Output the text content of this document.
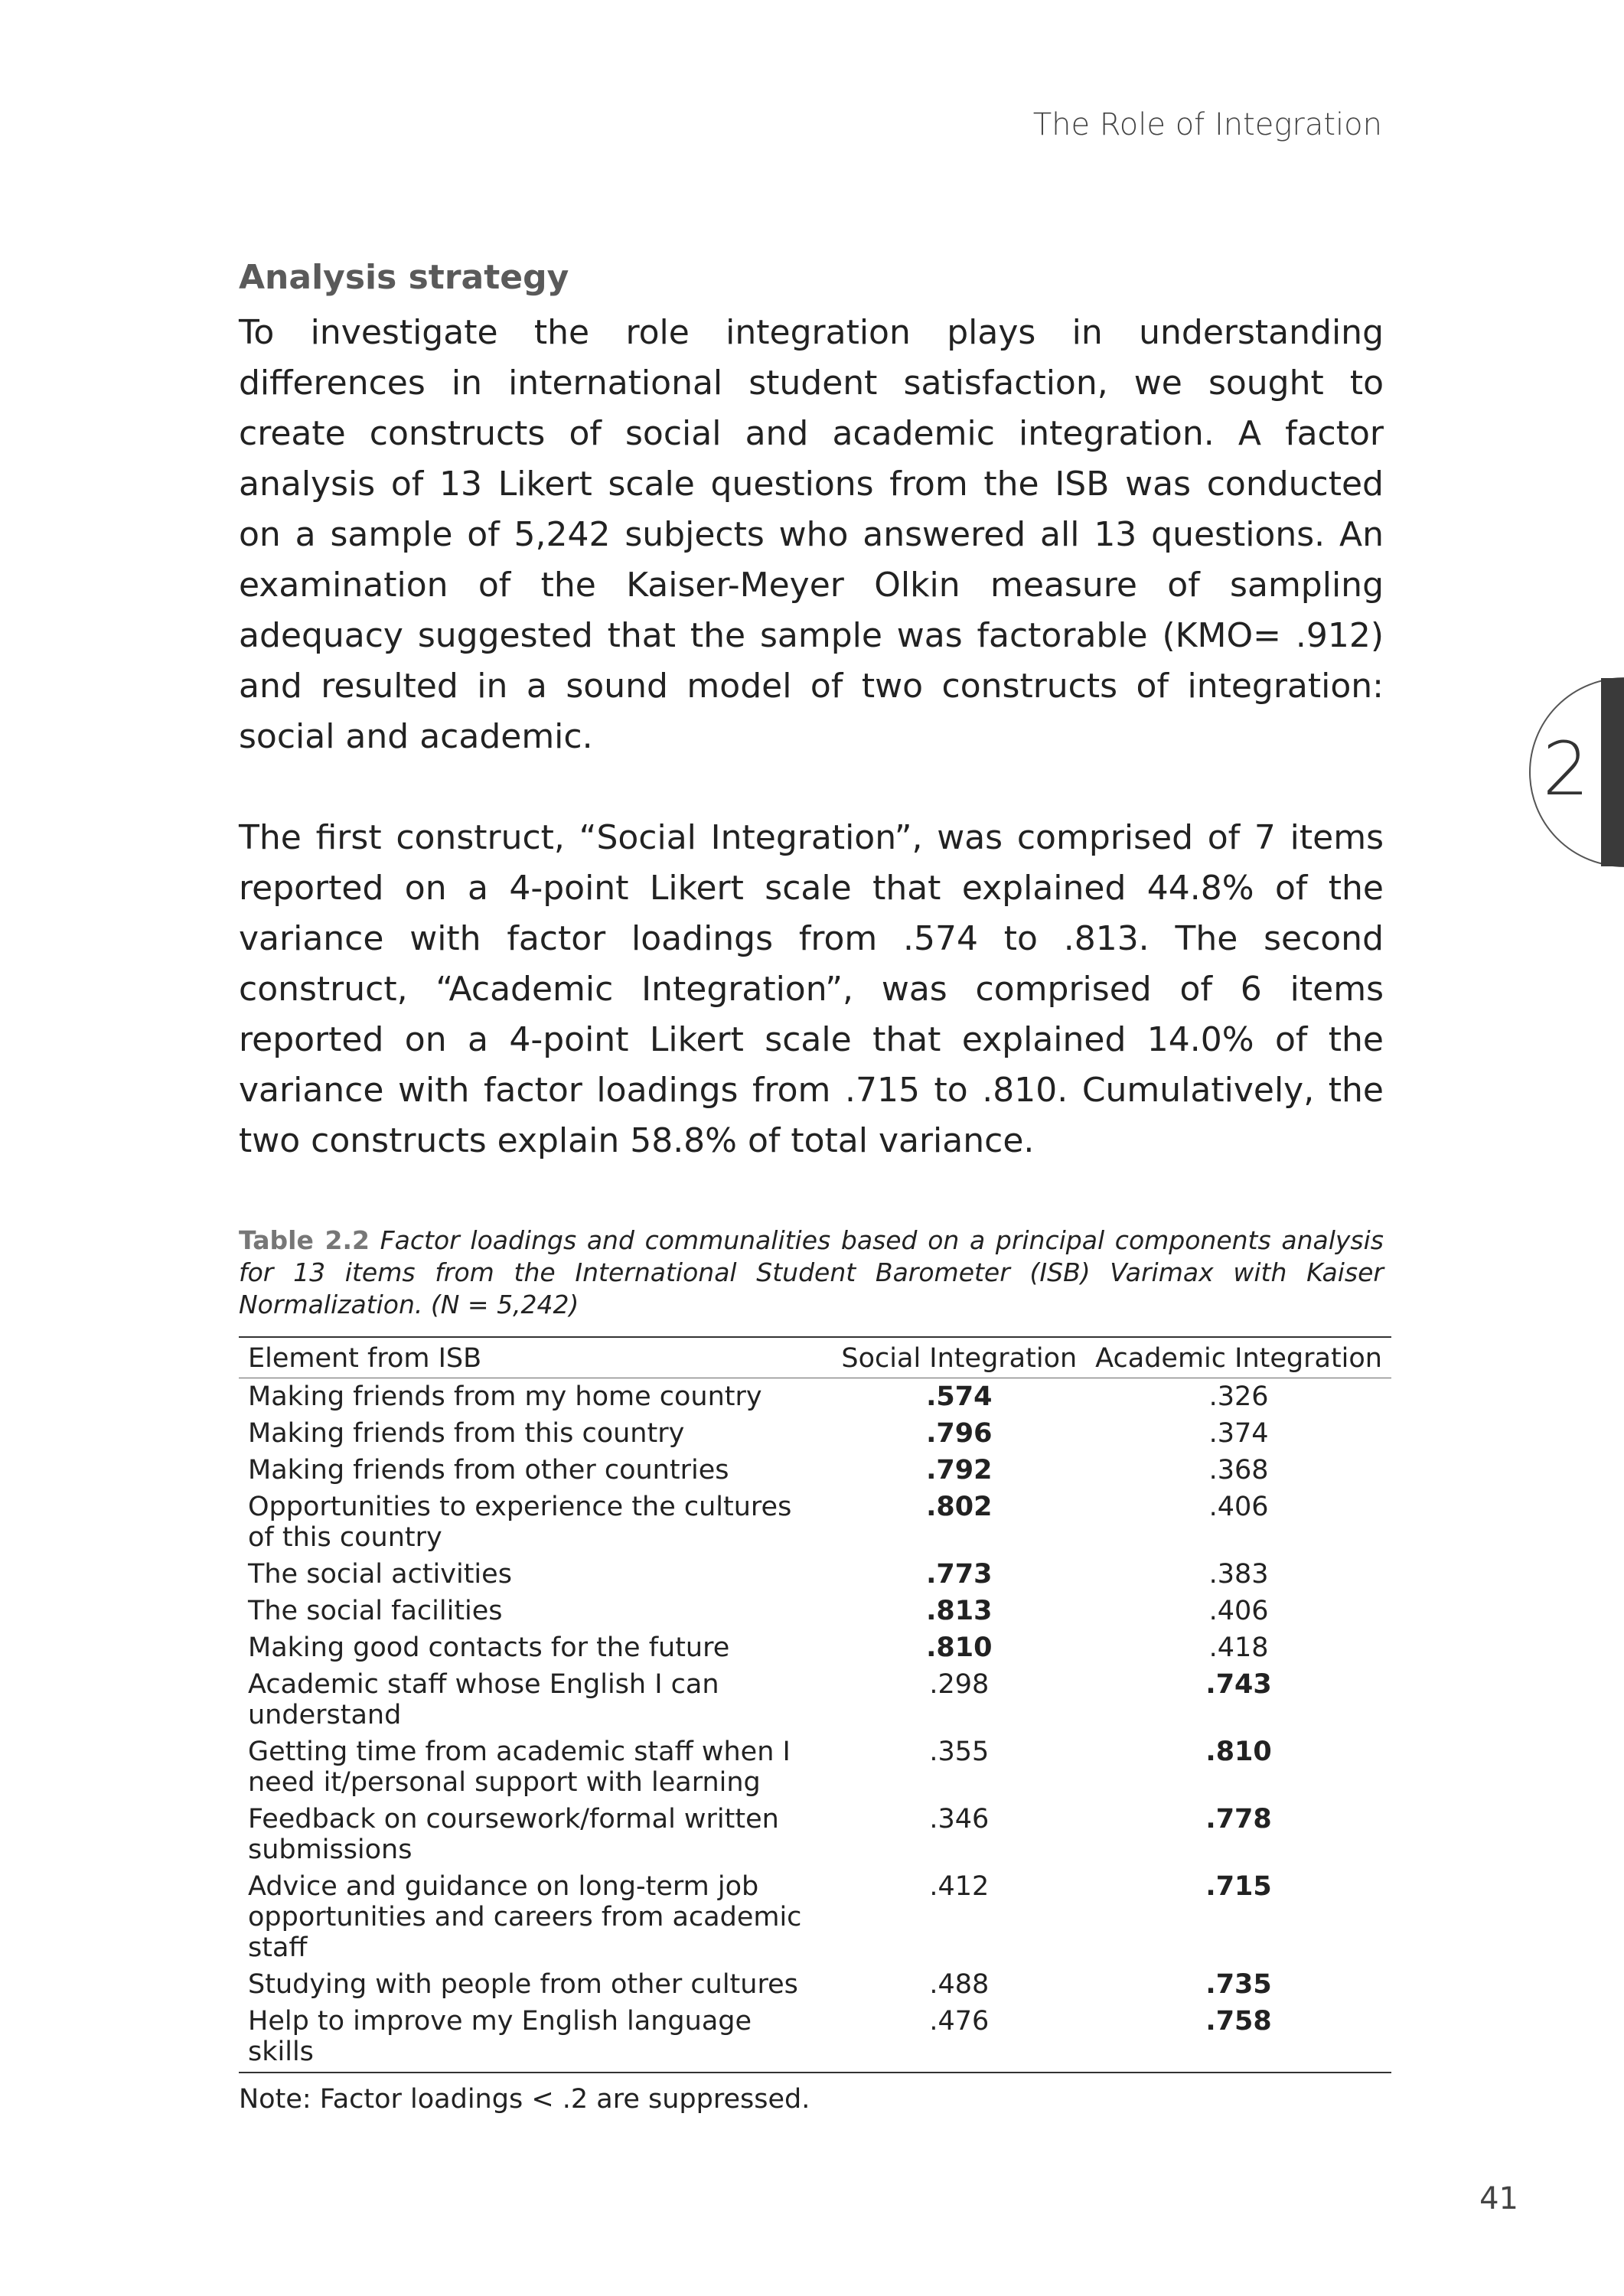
The Role of Integration
Analysis strategy

To investigate the role integration plays in understanding differences in international student satisfaction, we sought to create constructs of social and academic integration. A factor analysis of 13 Likert scale questions from the ISB was conducted on a sample of 5,242 subjects who answered all 13 questions. An examination of the Kaiser-Meyer Olkin measure of sampling adequacy suggested that the sample was factorable (KMO= .912) and resulted in a sound model of two constructs of integration: social and academic.

The first construct, “Social Integration”, was comprised of 7 items reported on a 4-point Likert scale that explained 44.8% of the variance with factor loadings from .574 to .813. The second construct, “Academic Integration”, was comprised of 6 items reported on a 4-point Likert scale that explained 14.0% of the variance with factor loadings from .715 to .810. Cumulatively, the two constructs explain 58.8% of total variance.

Table 2.2 Factor loadings and communalities based on a principal components analysis for 13 items from the International Student Barometer (ISB) Varimax with Kaiser Normalization. (N = 5,242)
Element from ISB	Social Integration	Academic Integration
Making friends from my home country	.574	.326
Making friends from this country	.796	.374
Making friends from other countries	.792	.368
Opportunities to experience the cultures of this country	.802	.406
The social activities	.773	.383
The social facilities	.813	.406
Making good contacts for the future	.810	.418
Academic staff whose English I can understand	.298	.743
Getting time from academic staff when I need it/personal support with learning	.355	.810
Feedback on coursework/formal written submissions	.346	.778
Advice and guidance on long-term job opportunities and careers from academic staff	.412	.715
Studying with people from other cultures	.488	.735
Help to improve my English language skills	.476	.758
Note: Factor loadings < .2 are suppressed.
2
41
